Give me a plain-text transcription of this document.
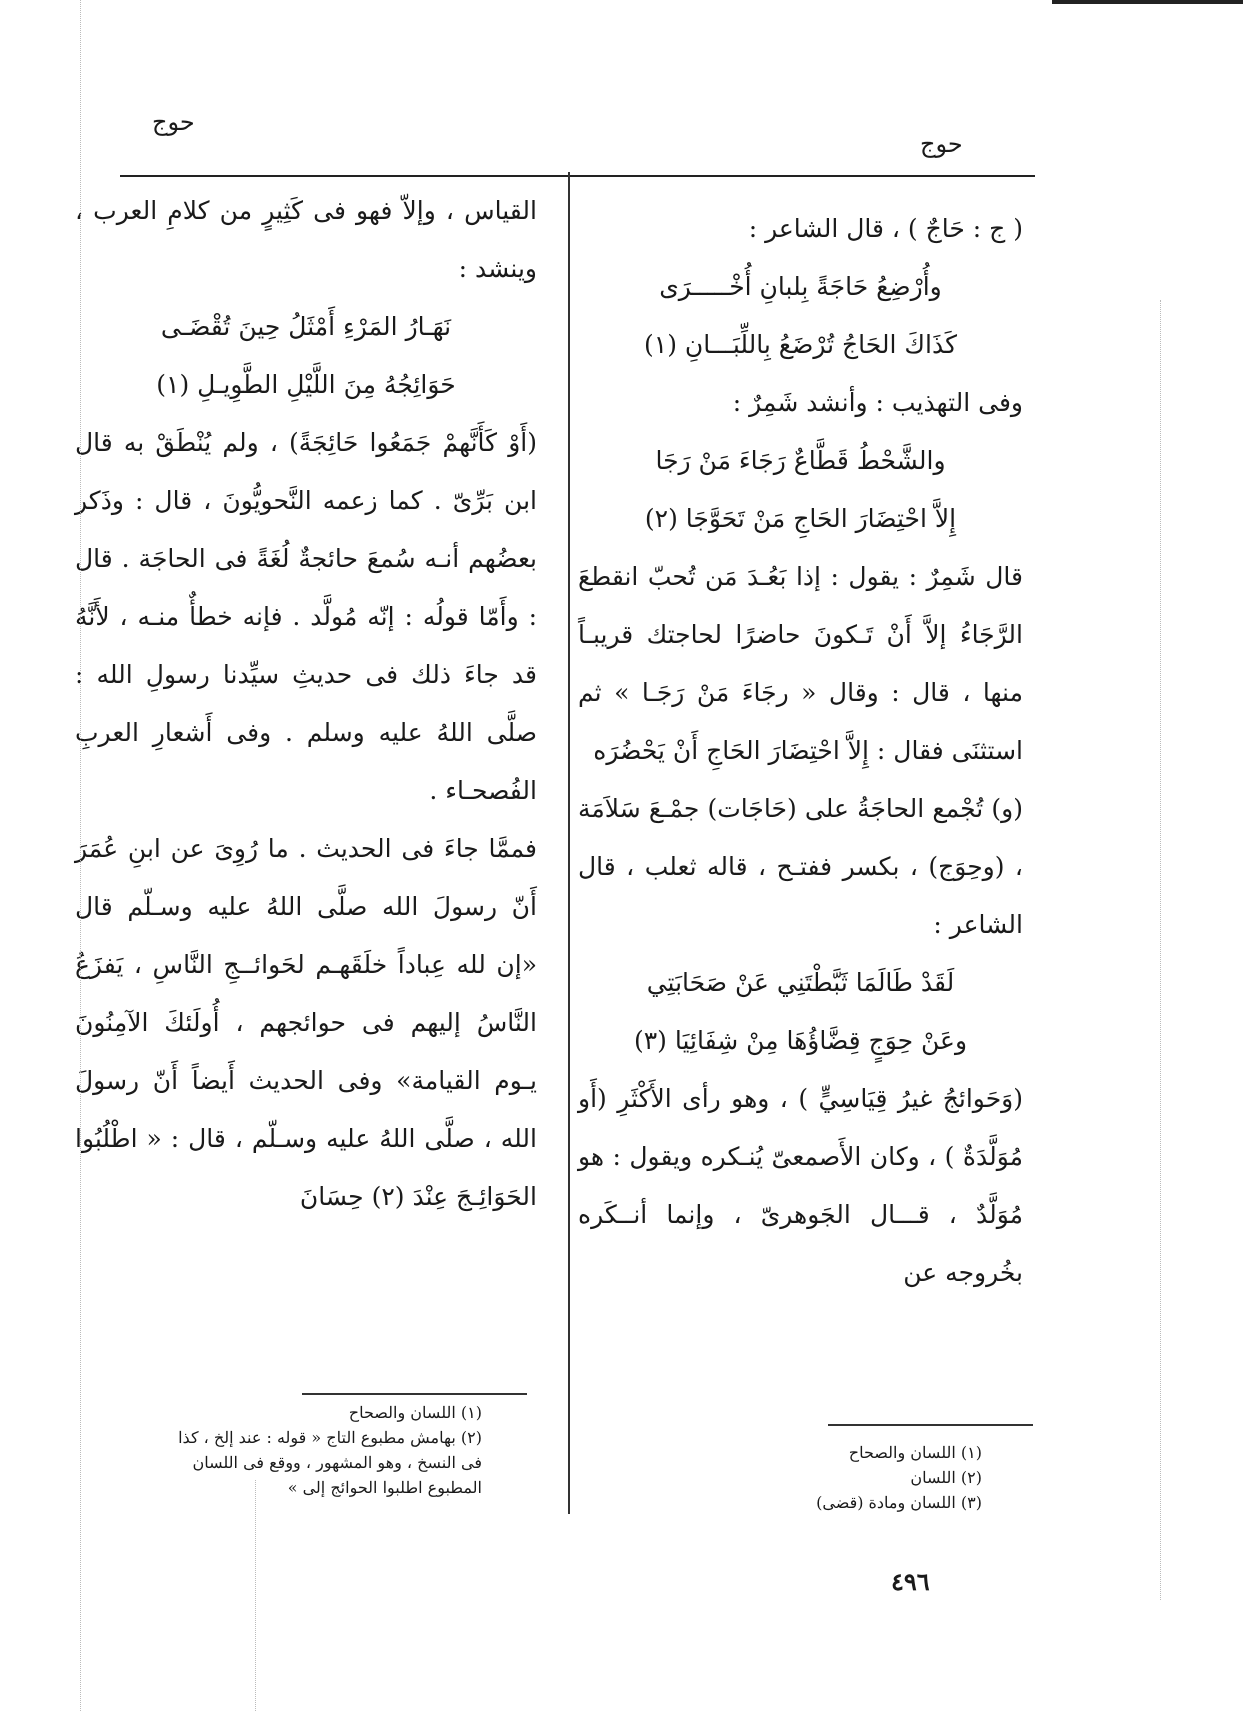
حوج
حوج

( ج : حَاجٌ ) ، قال الشاعر :

وأُرْضِعُ حَاجَةً بِلبانِ أُخْـــــرَى

كَذَاكَ الحَاجُ تُرْضَعُ بِاللِّبَـــانِ (١)

وفى التهذيب : وأنشد شَمِرٌ :

والشَّحْطُ قَطَّاعٌ رَجَاءَ مَنْ رَجَا

إِلاَّ احْتِضَارَ الحَاجِ مَنْ تَحَوَّجَا (٢)

قال شَمِرٌ : يقول : إذا بَعُـدَ مَن تُحبّ انقطعَ الرَّجَاءُ إلاَّ أَنْ تَـكونَ حاضرًا لحاجتك قريبـاً منها ، قال : وقال « رجَاءَ مَنْ رَجَـا » ثم استثنَى فقال : إِلاَّ احْتِضَارَ الحَاجِ أَنْ يَحْضُرَه

(و) تُجْمع الحاجَةُ على (حَاجَات) جمْـعَ سَلاَمَة ، (وحِوَج) ، بكسر ففتـح ، قاله ثعلب ، قال الشاعر :

لَقَدْ طَالَمَا ثَبَّطْتَنِي عَنْ صَحَابَتِي

وعَنْ حِوَجٍ قِضَّاؤُهَا مِنْ شِفَائِيَا (٣)

(وَحَوائجُ غيرُ قِيَاسِيٍّ ) ، وهو رأى الأَكْثَرِ (أَو مُوَلَّدَةٌ ) ، وكان الأَصمعىّ يُنـكره ويقول : هو مُوَلَّدٌ ، قـــال الجَوهرىّ ، وإنما أنــكَره بخُروجه عن

القياس ، وإلاّ فهو فى كَثِيرٍ من كلامِ العرب ، وينشد :

نَهَـارُ المَرْءِ أَمْثَلُ حِينَ تُقْضَـى

حَوَائِجُهُ مِنَ اللَّيْلِ الطَّوِيـلِ (١)

(أَوْ كَأَنَّهمْ جَمَعُوا حَائِجَةً) ، ولم يُنْطَقْ به قال ابن بَرِّىّ . كما زعمه النَّحويُّونَ ، قال : وذَكر بعضُهم أنـه سُمعَ حائجةٌ لُغَةً فى الحاجَة . قال : وأَمّا قولُه : إنّه مُولَّد . فإنه خطأٌ منـه ، لأَنَّهُ قد جاءَ ذلك فى حديثِ سيِّدنا رسولِ الله : صلَّى اللهُ عليه وسلم . وفى أَشعارِ العربِ الفُصحـاء .

فممَّا جاءَ فى الحديث . ما رُوِىَ عن ابنِ عُمَرَ أَنّ رسولَ الله صلَّى اللهُ عليه وسـلّم قال «إن لله عِباداً خلَقَهـم لحَوائــجِ النَّاسِ ، يَفزَعُ النَّاسُ إليهم فى حوائجهم ، أُولَئكَ الآمِنُونَ يـوم القيامة» وفى الحديث أَيضاً أَنّ رسولَ الله ، صلَّى اللهُ عليه وسـلّم ، قال : « اطْلُبُوا الحَوَائِـجَ عِنْدَ (٢) حِسَانَ

(١) اللسان والصحاح
(٢) اللسان
(٣) اللسان ومادة (قضى)
(١) اللسان والصحاح
(٢) بهامش مطبوع التاج « قوله : عند إلخ ، كذا فى النسخ ، وهو المشهور ، ووقع فى اللسان المطبوع اطلبوا الحوائج إلى »
٤٩٦
